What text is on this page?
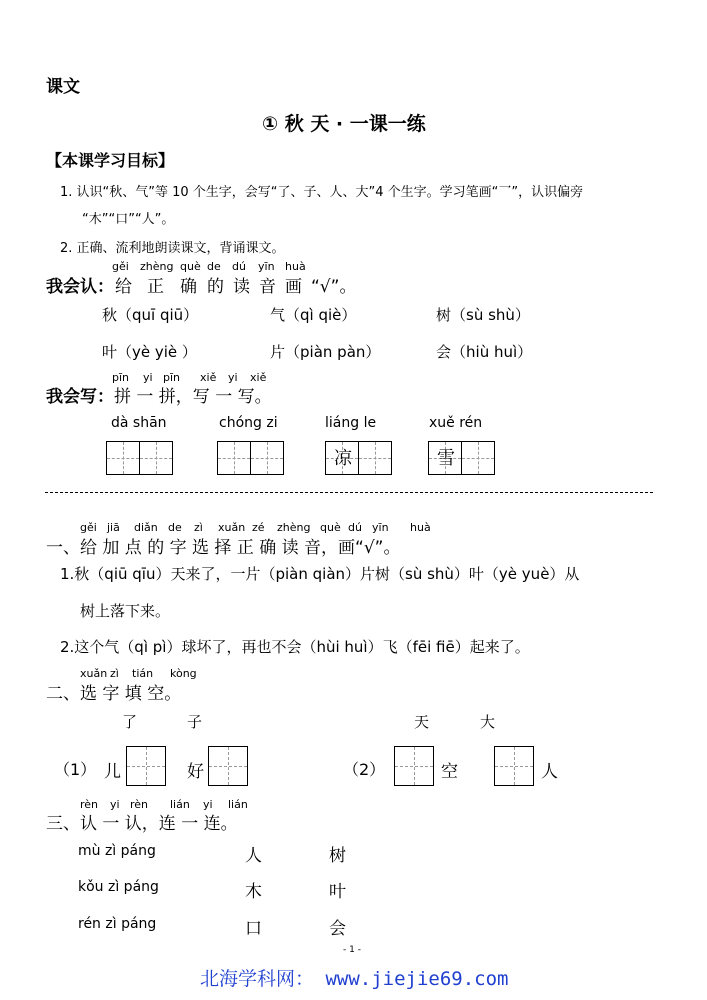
课文
① 秋 天 · 一课一练
【本课学习目标】
1. 认识“秋、气”等 10 个生字，会写“了、子、人、大”4 个生字。学习笔画“乛”，认识偏旁
“木”“口”“人”。
2. 正确、流利地朗读课文，背诵课文。
gěi zhèng què de dú yīn huà
我会认： 给 正 确 的 读 音 画 “√”。
秋（quī qiū）	气（qì qiè）	树（sù shù）
叶（yè yiè ）	片（piàn pàn）	会（hiù huì）
pīn yi pīn xiě yi xiě
我会写： 拼 一 拼，写 一 写。
dà shān	chóng zi	liáng le	xuě rén
凉	雪
gěi jiā diǎn de zì xuǎn zé zhèng què dú yīn huà
一、给 加 点 的 字 选 择 正 确 读 音，画“√”。
1.秋（qiū qīu）天来了，一片（piàn qiàn）片树（sù shù）叶（yè yuè）从
树上落下来。
2.这个气（qì pì）球坏了，再也不会（hùi huì）飞（fēi fiē）起来了。
xuǎn zì tián kòng
二、选 字 填 空。
了	子	天	大
（1） 儿	好	（2）	空	人
rèn yi rèn lián yi lián
三、认 一 认，连 一 连。
mù zì páng	人	树
kǒu zì páng	木	叶
rén zì páng	口	会
- 1 -
北海学科网： www.jiejie69.com
